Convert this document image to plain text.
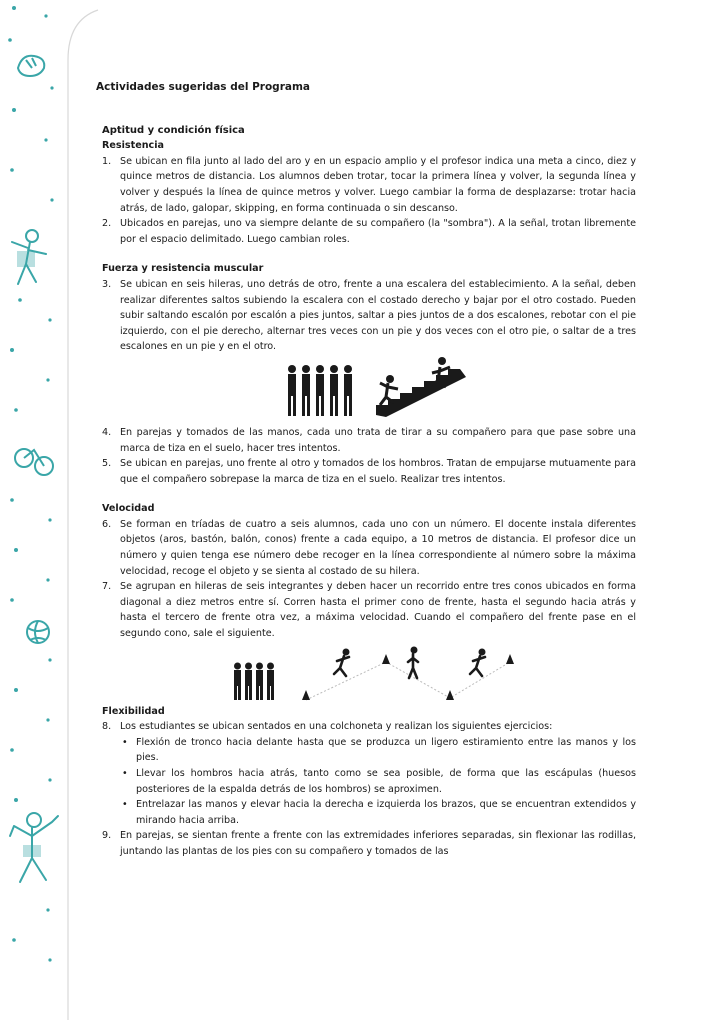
Actividades sugeridas del Programa
Aptitud y condición física
Resistencia
1. Se ubican en fila junto al lado del aro y en un espacio amplio y el profesor indica una meta a cinco, diez y quince metros de distancia. Los alumnos deben trotar, tocar la primera línea y volver, la segunda línea y volver y después la línea de quince metros y volver. Luego cambiar la forma de desplazarse: trotar hacia atrás, de lado, galopar, skipping, en forma continuada o sin descanso.
2. Ubicados en parejas, uno va siempre delante de su compañero (la "sombra"). A la señal, trotan libremente por el espacio delimitado. Luego cambian roles.
Fuerza y resistencia muscular
3. Se ubican en seis hileras, uno detrás de otro, frente a una escalera del establecimiento. A la señal, deben realizar diferentes saltos subiendo la escalera con el costado derecho y bajar por el otro costado. Pueden subir saltando escalón por escalón a pies juntos, saltar a pies juntos de a dos escalones, rebotar con el pie izquierdo, con el pie derecho, alternar tres veces con un pie y dos veces con el otro pie, o saltar de a tres escalones en un pie y en el otro.
4. En parejas y tomados de las manos, cada uno trata de tirar a su compañero para que pase sobre una marca de tiza en el suelo, hacer tres intentos.
5. Se ubican en parejas, uno frente al otro y tomados de los hombros. Tratan de empujarse mutuamente para que el compañero sobrepase la marca de tiza en el suelo. Realizar tres intentos.
Velocidad
6. Se forman en tríadas de cuatro a seis alumnos, cada uno con un número. El docente instala diferentes objetos (aros, bastón, balón, conos) frente a cada equipo, a 10 metros de distancia. El profesor dice un número y quien tenga ese número debe recoger en la línea correspondiente al número sobre la máxima velocidad, recoge el objeto y se sienta al costado de su hilera.
7. Se agrupan en hileras de seis integrantes y deben hacer un recorrido entre tres conos ubicados en forma diagonal a diez metros entre sí. Corren hasta el primer cono de frente, hasta el segundo hacia atrás y hasta el tercero de frente otra vez, a máxima velocidad. Cuando el compañero del frente pase en el segundo cono, sale el siguiente.
Flexibilidad
8. Los estudiantes se ubican sentados en una colchoneta y realizan los siguientes ejercicios:
• Flexión de tronco hacia delante hasta que se produzca un ligero estiramiento entre las manos y los pies.
• Llevar los hombros hacia atrás, tanto como se sea posible, de forma que las escápulas (huesos posteriores de la espalda detrás de los hombros) se aproximen.
• Entrelazar las manos y elevar hacia la derecha e izquierda los brazos, que se encuentran extendidos y mirando hacia arriba.
9. En parejas, se sientan frente a frente con las extremidades inferiores separadas, sin flexionar las rodillas, juntando las plantas de los pies con su compañero y tomados de las
